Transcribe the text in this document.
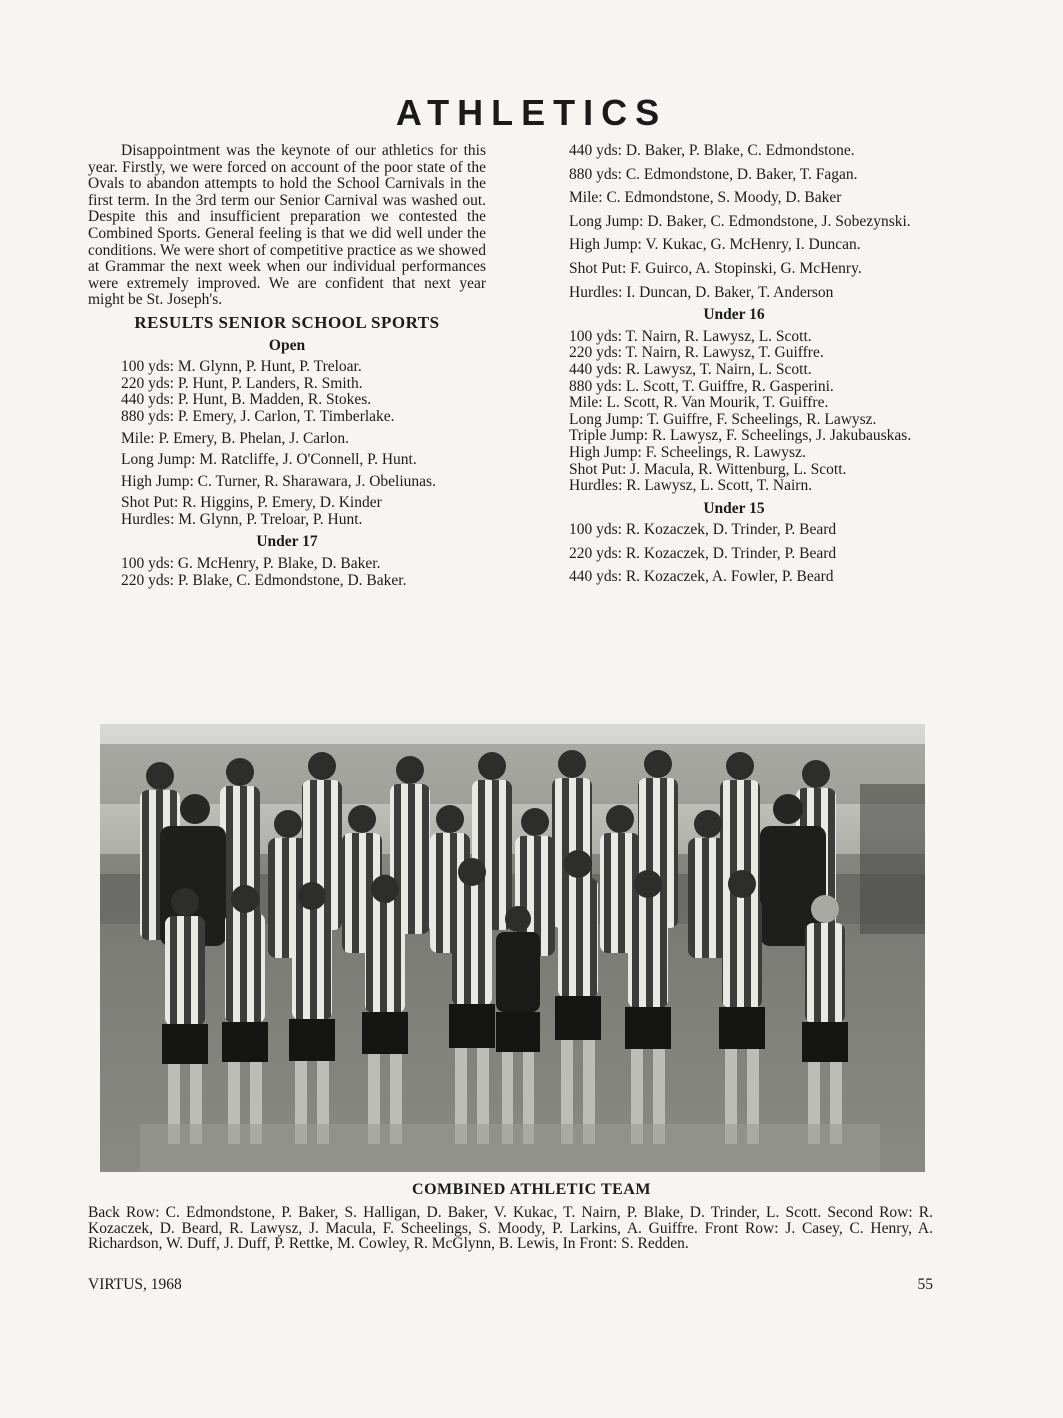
ATHLETICS

Disappointment was the keynote of our athletics for this year. Firstly, we were forced on account of the poor state of the Ovals to abandon attempts to hold the School Carnivals in the first term. In the 3rd term our Senior Carnival was washed out. Despite this and insufficient preparation we contested the Combined Sports. General feeling is that we did well under the conditions. We were short of competitive practice as we showed at Grammar the next week when our individual performances were extremely improved. We are confident that next year might be St. Joseph's.

RESULTS SENIOR SCHOOL SPORTS
Open
100 yds: M. Glynn, P. Hunt, P. Treloar.
220 yds: P. Hunt, P. Landers, R. Smith.
440 yds: P. Hunt, B. Madden, R. Stokes.
880 yds: P. Emery, J. Carlon, T. Timberlake.
Mile: P. Emery, B. Phelan, J. Carlon.
Long Jump: M. Ratcliffe, J. O'Connell, P. Hunt.
High Jump: C. Turner, R. Sharawara, J. Obeliunas.
Shot Put: R. Higgins, P. Emery, D. Kinder
Hurdles: M. Glynn, P. Treloar, P. Hunt.
Under 17
100 yds: G. McHenry, P. Blake, D. Baker.
220 yds: P. Blake, C. Edmondstone, D. Baker.
440 yds: D. Baker, P. Blake, C. Edmondstone.
880 yds: C. Edmondstone, D. Baker, T. Fagan.
Mile: C. Edmondstone, S. Moody, D. Baker
Long Jump: D. Baker, C. Edmondstone, J. Sobezynski.
High Jump: V. Kukac, G. McHenry, I. Duncan.
Shot Put: F. Guirco, A. Stopinski, G. McHenry.
Hurdles: I. Duncan, D. Baker, T. Anderson
Under 16
100 yds: T. Nairn, R. Lawysz, L. Scott.
220 yds: T. Nairn, R. Lawysz, T. Guiffre.
440 yds: R. Lawysz, T. Nairn, L. Scott.
880 yds: L. Scott, T. Guiffre, R. Gasperini.
Mile: L. Scott, R. Van Mourik, T. Guiffre.
Long Jump: T. Guiffre, F. Scheelings, R. Lawysz.
Triple Jump: R. Lawysz, F. Scheelings, J. Jakubauskas.
High Jump: F. Scheelings, R. Lawysz.
Shot Put: J. Macula, R. Wittenburg, L. Scott.
Hurdles: R. Lawysz, L. Scott, T. Nairn.
Under 15
100 yds: R. Kozaczek, D. Trinder, P. Beard
220 yds: R. Kozaczek, D. Trinder, P. Beard
440 yds: R. Kozaczek, A. Fowler, P. Beard
COMBINED ATHLETIC TEAM
Back Row: C. Edmondstone, P. Baker, S. Halligan, D. Baker, V. Kukac, T. Nairn, P. Blake, D. Trinder, L. Scott. Second Row: R. Kozaczek, D. Beard, R. Lawysz, J. Macula, F. Scheelings, S. Moody, P. Larkins, A. Guiffre. Front Row: J. Casey, C. Henry, A. Richardson, W. Duff, J. Duff, P. Rettke, M. Cowley, R. McGlynn, B. Lewis, In Front: S. Redden.
VIRTUS, 1968	55
